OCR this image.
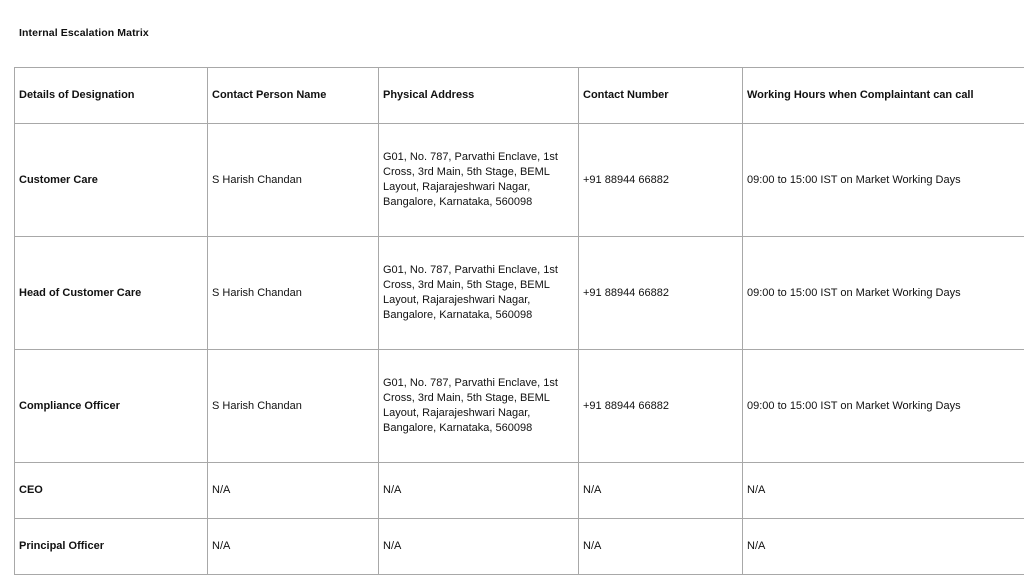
Internal Escalation Matrix
Details of Designation	Contact Person Name	Physical Address	Contact Number	Working Hours when Complaintant can call
Customer Care	S Harish Chandan	G01, No. 787, Parvathi Enclave, 1st Cross, 3rd Main, 5th Stage, BEML Layout, Rajarajeshwari Nagar, Bangalore, Karnataka, 560098	+91 88944 66882	09:00 to 15:00 IST on Market Working Days
Head of Customer Care	S Harish Chandan	G01, No. 787, Parvathi Enclave, 1st Cross, 3rd Main, 5th Stage, BEML Layout, Rajarajeshwari Nagar, Bangalore, Karnataka, 560098	+91 88944 66882	09:00 to 15:00 IST on Market Working Days
Compliance Officer	S Harish Chandan	G01, No. 787, Parvathi Enclave, 1st Cross, 3rd Main, 5th Stage, BEML Layout, Rajarajeshwari Nagar, Bangalore, Karnataka, 560098	+91 88944 66882	09:00 to 15:00 IST on Market Working Days
CEO	N/A	N/A	N/A	N/A
Principal Officer	N/A	N/A	N/A	N/A
